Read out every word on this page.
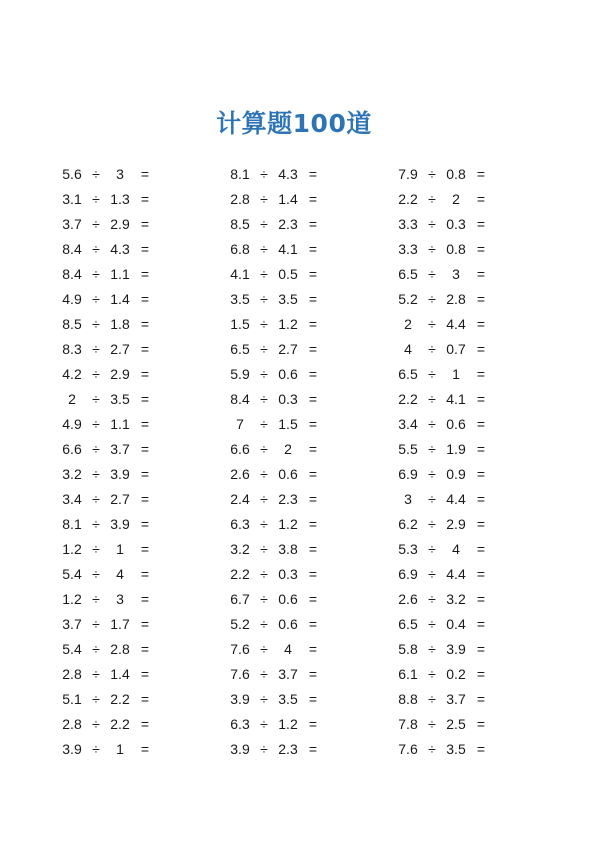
计算题100道
5.6 ÷	3	=
3.1 ÷ 1.3 =
3.7 ÷ 2.9 =
8.4 ÷ 4.3 =
8.4 ÷ 1.1 =
4.9 ÷ 1.4 =
8.5 ÷ 1.8 =
8.3 ÷ 2.7 =
4.2 ÷ 2.9 =
2	÷ 3.5 =
4.9 ÷ 1.1 =
6.6 ÷ 3.7 =
3.2 ÷ 3.9 =
3.4 ÷ 2.7 =
8.1 ÷ 3.9 =
1.2 ÷	1	=
5.4 ÷	4	=
1.2 ÷	3	=
3.7 ÷ 1.7 =
5.4 ÷ 2.8 =
2.8 ÷ 1.4 =
5.1 ÷ 2.2 =
2.8 ÷ 2.2 =
3.9 ÷	1	=
8.1 ÷ 4.3 =
2.8 ÷ 1.4 =
8.5 ÷ 2.3 =
6.8 ÷ 4.1 =
4.1 ÷ 0.5 =
3.5 ÷ 3.5 =
1.5 ÷ 1.2 =
6.5 ÷ 2.7 =
5.9 ÷ 0.6 =
8.4 ÷ 0.3 =
7	÷ 1.5 =
6.6 ÷	2	=
2.6 ÷ 0.6 =
2.4 ÷ 2.3 =
6.3 ÷ 1.2 =
3.2 ÷ 3.8 =
2.2 ÷ 0.3 =
6.7 ÷ 0.6 =
5.2 ÷ 0.6 =
7.6 ÷	4	=
7.6 ÷ 3.7 =
3.9 ÷ 3.5 =
6.3 ÷ 1.2 =
3.9 ÷ 2.3 =
7.9 ÷ 0.8 =
2.2 ÷	2	=
3.3 ÷ 0.3 =
3.3 ÷ 0.8 =
6.5 ÷	3	=
5.2 ÷ 2.8 =
2	÷ 4.4 =
4	÷ 0.7 =
6.5 ÷	1	=
2.2 ÷ 4.1 =
3.4 ÷ 0.6 =
5.5 ÷ 1.9 =
6.9 ÷ 0.9 =
3	÷ 4.4 =
6.2 ÷ 2.9 =
5.3 ÷	4	=
6.9 ÷ 4.4 =
2.6 ÷ 3.2 =
6.5 ÷ 0.4 =
5.8 ÷ 3.9 =
6.1 ÷ 0.2 =
8.8 ÷ 3.7 =
7.8 ÷ 2.5 =
7.6 ÷ 3.5 =
